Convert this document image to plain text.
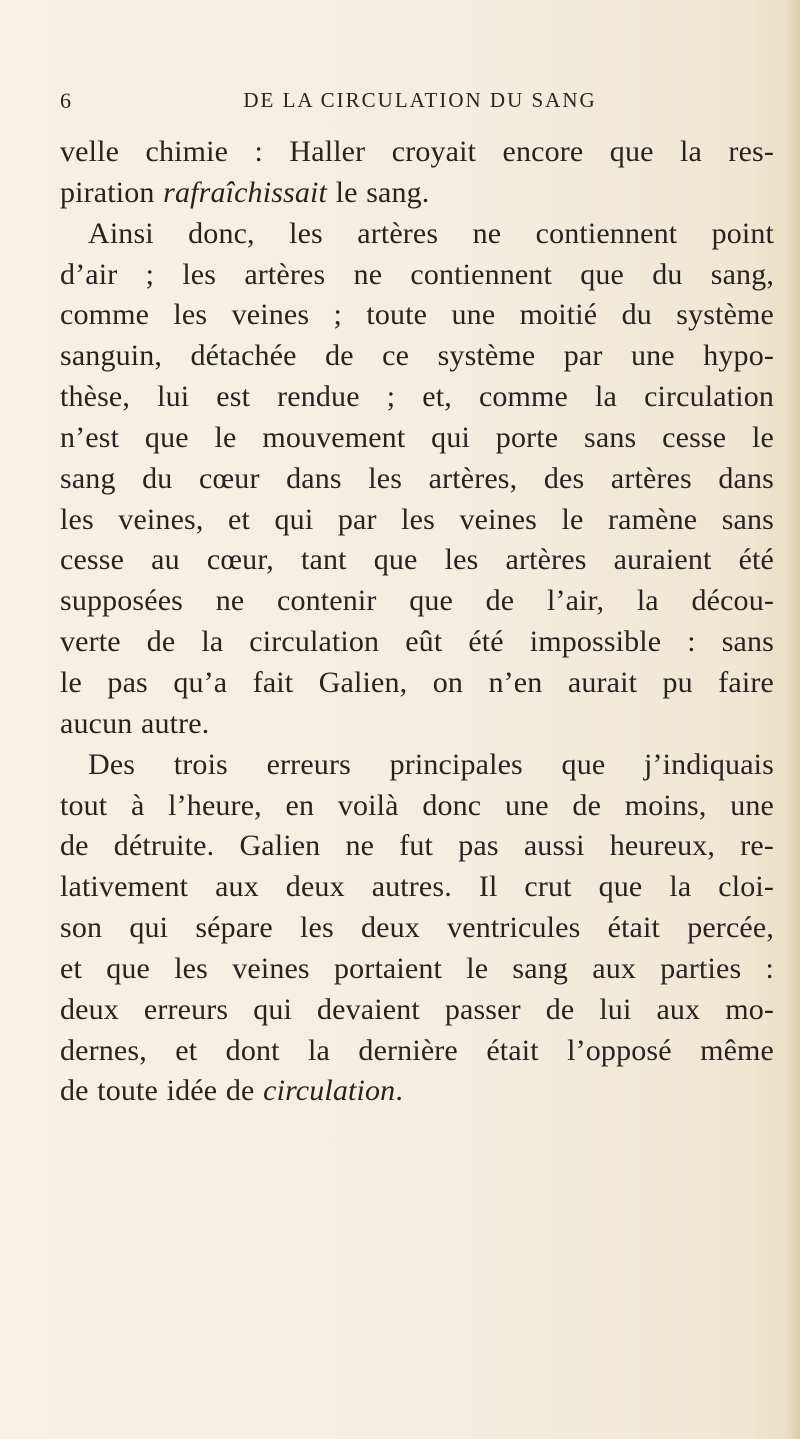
6	DE LA CIRCULATION DU SANG
velle chimie : Haller croyait encore que la res-
piration rafraîchissait le sang.
Ainsi donc, les artères ne contiennent point
d’air ; les artères ne contiennent que du sang,
comme les veines ; toute une moitié du système
sanguin, détachée de ce système par une hypo-
thèse, lui est rendue ; et, comme la circulation
n’est que le mouvement qui porte sans cesse le
sang du cœur dans les artères, des artères dans
les veines, et qui par les veines le ramène sans
cesse au cœur, tant que les artères auraient été
supposées ne contenir que de l’air, la décou-
verte de la circulation eût été impossible : sans
le pas qu’a fait Galien, on n’en aurait pu faire
aucun autre.
Des trois erreurs principales que j’indiquais
tout à l’heure, en voilà donc une de moins, une
de détruite. Galien ne fut pas aussi heureux, re-
lativement aux deux autres. Il crut que la cloi-
son qui sépare les deux ventricules était percée,
et que les veines portaient le sang aux parties :
deux erreurs qui devaient passer de lui aux mo-
dernes, et dont la dernière était l’opposé même
de toute idée de circulation.
